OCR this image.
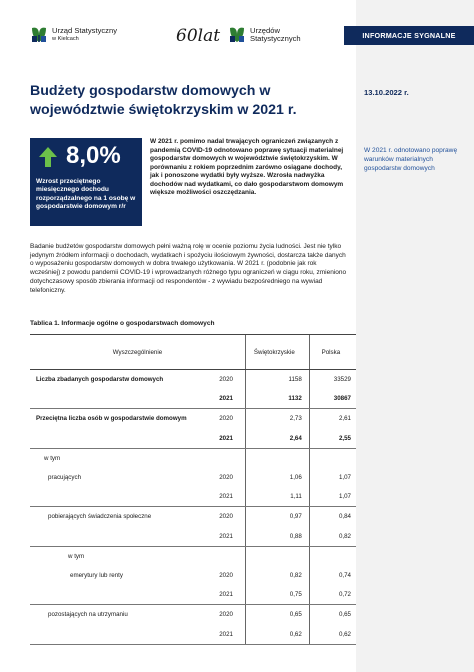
Urząd Statystyczny
w Kielcach	60lat	Urzędów
Statystycznych	INFORMACJE SYGNALNE
13.10.2022 r.
Budżety gospodarstw domowych w województwie świętokrzyskim w 2021 r.
8,0%
Wzrost przeciętnego miesięcznego dochodu rozporządzalnego na 1 osobę w gospodarstwie domowym r/r
W 2021 r. pomimo nadal trwających ograniczeń związanych z pandemią COVID-19 odnotowano poprawę sytuacji materialnej gospodarstw domowych w województwie świętokrzyskim. W porównaniu z rokiem poprzednim zarówno osiągane dochody, jak i ponoszone wydatki były wyższe. Wzrosła nadwyżka dochodów nad wydatkami, co dało gospodarstwom domowym większe możliwości oszczędzania.
W 2021 r. odnotowano poprawę warunków materialnych gospodarstw domowych
Badanie budżetów gospodarstw domowych pełni ważną rolę w ocenie poziomu życia ludności. Jest nie tylko jedynym źródłem informacji o dochodach, wydatkach i spożyciu ilościowym żywności, dostarcza także danych o wyposażeniu gospodarstw domowych w dobra trwałego użytkowania. W 2021 r. (podobnie jak rok wcześniej) z powodu pandemii COVID-19 i wprowadzanych różnego typu ograniczeń w ciągu roku, zmieniono dotychczasowy sposób zbierania informacji od respondentów - z wywiadu bezpośredniego na wywiad telefoniczny.
Tablica 1. Informacje ogólne o gospodarstwach domowych
Wyszczególnienie		Świętokrzyskie	Polska
Liczba zbadanych gospodarstw domowych	2020	1158	33529
	2021	1132	30867
Przeciętna liczba osób w gospodarstwie domowym	2020	2,73	2,61
	2021	2,64	2,55
w tym			
pracujących	2020	1,06	1,07
	2021	1,11	1,07
pobierających świadczenia społeczne	2020	0,97	0,84
	2021	0,88	0,82
w tym			
emerytury lub renty	2020	0,82	0,74
	2021	0,75	0,72
pozostających na utrzymaniu	2020	0,65	0,65
	2021	0,62	0,62
